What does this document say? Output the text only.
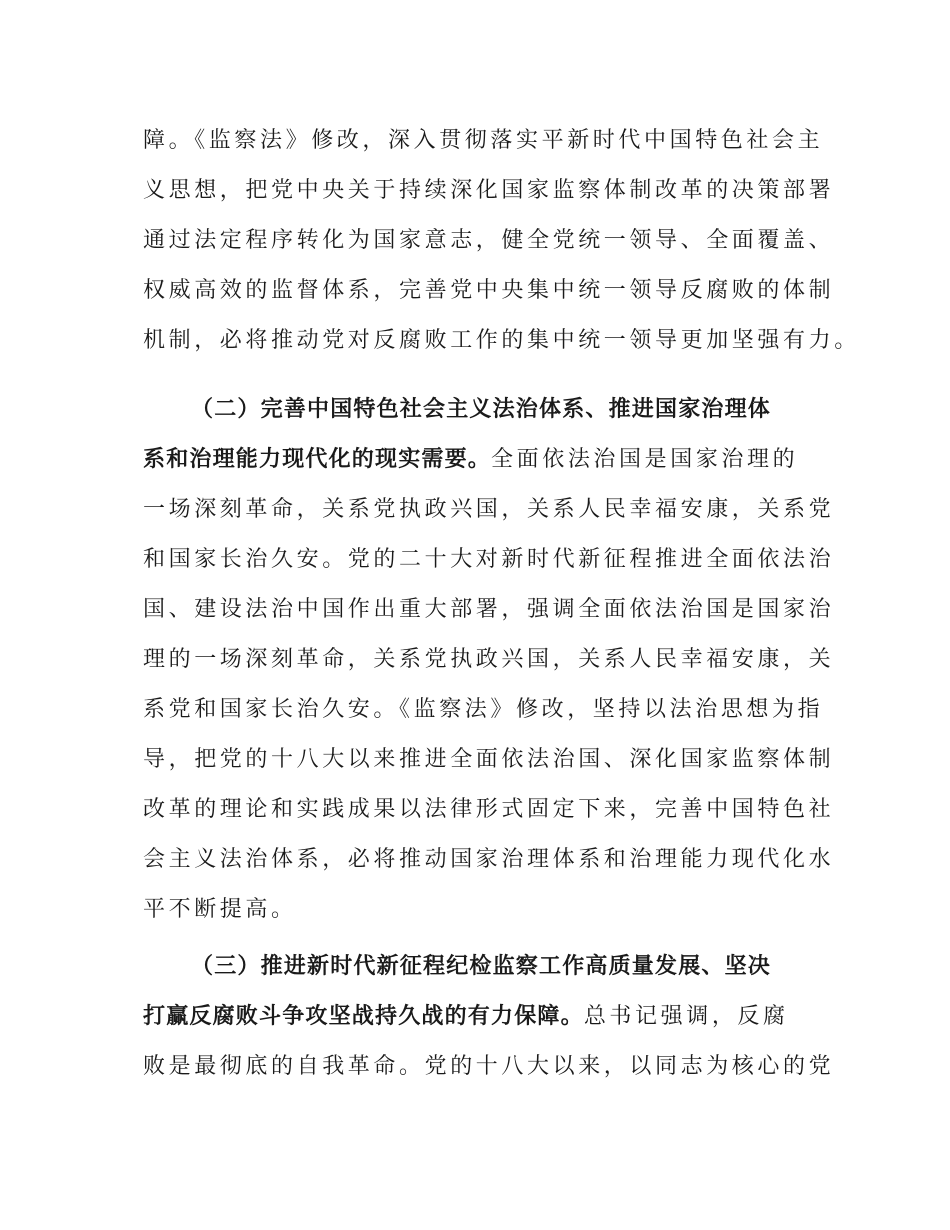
障。《监察法》修改，深入贯彻落实平新时代中国特色社会主
义思想，把党中央关于持续深化国家监察体制改革的决策部署
通过法定程序转化为国家意志，健全党统一领导、全面覆盖、
权威高效的监督体系，完善党中央集中统一领导反腐败的体制
机制，必将推动党对反腐败工作的集中统一领导更加坚强有力。
（二）完善中国特色社会主义法治体系、推进国家治理体
系和治理能力现代化的现实需要。全面依法治国是国家治理的
一场深刻革命，关系党执政兴国，关系人民幸福安康，关系党
和国家长治久安。党的二十大对新时代新征程推进全面依法治
国、建设法治中国作出重大部署，强调全面依法治国是国家治
理的一场深刻革命，关系党执政兴国，关系人民幸福安康，关
系党和国家长治久安。《监察法》修改，坚持以法治思想为指
导，把党的十八大以来推进全面依法治国、深化国家监察体制
改革的理论和实践成果以法律形式固定下来，完善中国特色社
会主义法治体系，必将推动国家治理体系和治理能力现代化水
平不断提高。
（三）推进新时代新征程纪检监察工作高质量发展、坚决
打赢反腐败斗争攻坚战持久战的有力保障。总书记强调，反腐
败是最彻底的自我革命。党的十八大以来，以同志为核心的党
